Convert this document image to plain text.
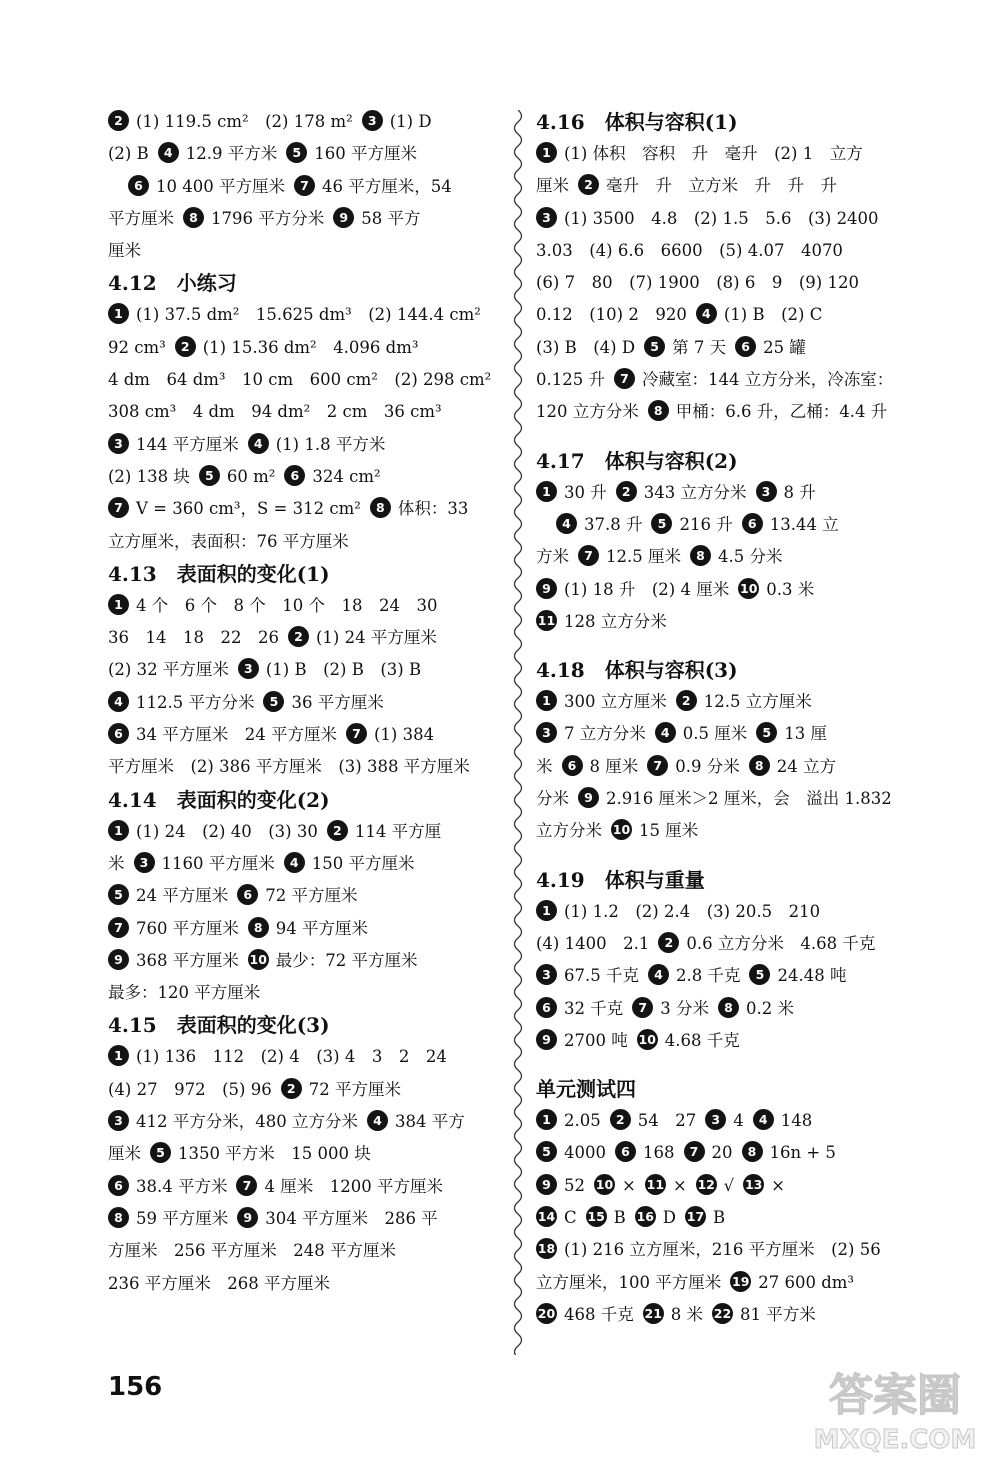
2 (1) 119.5 cm²　(2) 178 m² 3 (1) D
(2) B 4 12.9 平方米 5 160 平方厘米
6 10 400 平方厘米 7 46 平方厘米，54
平方厘米 8 1796 平方分米 9 58 平方
厘米
4.12　小练习
1 (1) 37.5 dm²　15.625 dm³　(2) 144.4 cm²
92 cm³ 2 (1) 15.36 dm²　4.096 dm³
4 dm　64 dm³　10 cm　600 cm²　(2) 298 cm²
308 cm³　4 dm　94 dm²　2 cm　36 cm³
3 144 平方厘米 4 (1) 1.8 平方米
(2) 138 块 5 60 m² 6 324 cm²
7 V = 360 cm³，S = 312 cm² 8 体积：33
立方厘米，表面积：76 平方厘米
4.13　表面积的变化(1)
1 4 个　6 个　8 个　10 个　18　24　30
36　14　18　22　26 2 (1) 24 平方厘米
(2) 32 平方厘米 3 (1) B　(2) B　(3) B
4 112.5 平方分米 5 36 平方厘米
6 34 平方厘米　24 平方厘米 7 (1) 384
平方厘米　(2) 386 平方厘米　(3) 388 平方厘米
4.14　表面积的变化(2)
1 (1) 24　(2) 40　(3) 30 2 114 平方厘
米 3 1160 平方厘米 4 150 平方厘米
5 24 平方厘米 6 72 平方厘米
7 760 平方厘米 8 94 平方厘米
9 368 平方厘米 10 最少：72 平方厘米
最多：120 平方厘米
4.15　表面积的变化(3)
1 (1) 136　112　(2) 4　(3) 4　3　2　24
(4) 27　972　(5) 96 2 72 平方厘米
3 412 平方分米，480 立方分米 4 384 平方
厘米 5 1350 平方米　15 000 块
6 38.4 平方米 7 4 厘米　1200 平方厘米
8 59 平方厘米 9 304 平方厘米　286 平
方厘米　256 平方厘米　248 平方厘米
236 平方厘米　268 平方厘米
4.16　体积与容积(1)
1 (1) 体积　容积　升　毫升　(2) 1　立方
厘米 2 毫升　升　立方米　升　升　升
3 (1) 3500　4.8　(2) 1.5　5.6　(3) 2400
3.03　(4) 6.6　6600　(5) 4.07　4070
(6) 7　80　(7) 1900　(8) 6　9　(9) 120
0.12　(10) 2　920 4 (1) B　(2) C
(3) B　(4) D 5 第 7 天 6 25 罐
0.125 升 7 冷藏室：144 立方分米，冷冻室：
120 立方分米 8 甲桶：6.6 升，乙桶：4.4 升
4.17　体积与容积(2)
1 30 升 2 343 立方分米 3 8 升
4 37.8 升 5 216 升 6 13.44 立
方米 7 12.5 厘米 8 4.5 分米
9 (1) 18 升　(2) 4 厘米 10 0.3 米
11 128 立方分米
4.18　体积与容积(3)
1 300 立方厘米 2 12.5 立方厘米
3 7 立方分米 4 0.5 厘米 5 13 厘
米 6 8 厘米 7 0.9 分米 8 24 立方
分米 9 2.916 厘米＞2 厘米，会　溢出 1.832
立方分米 10 15 厘米
4.19　体积与重量
1 (1) 1.2　(2) 2.4　(3) 20.5　210
(4) 1400　2.1 2 0.6 立方分米　4.68 千克
3 67.5 千克 4 2.8 千克 5 24.48 吨
6 32 千克 7 3 分米 8 0.2 米
9 2700 吨 10 4.68 千克
单元测试四
1 2.05 2 54　27 3 4 4 148
5 4000 6 168 7 20 8 16n + 5
9 52 10 × 11 × 12 √ 13 ×
14 C 15 B 16 D 17 B
18 (1) 216 立方厘米，216 平方厘米　(2) 56
立方厘米，100 平方厘米 19 27 600 dm³
20 468 千克 21 8 米 22 81 平方米
156	答案圈
MXQE.COM
